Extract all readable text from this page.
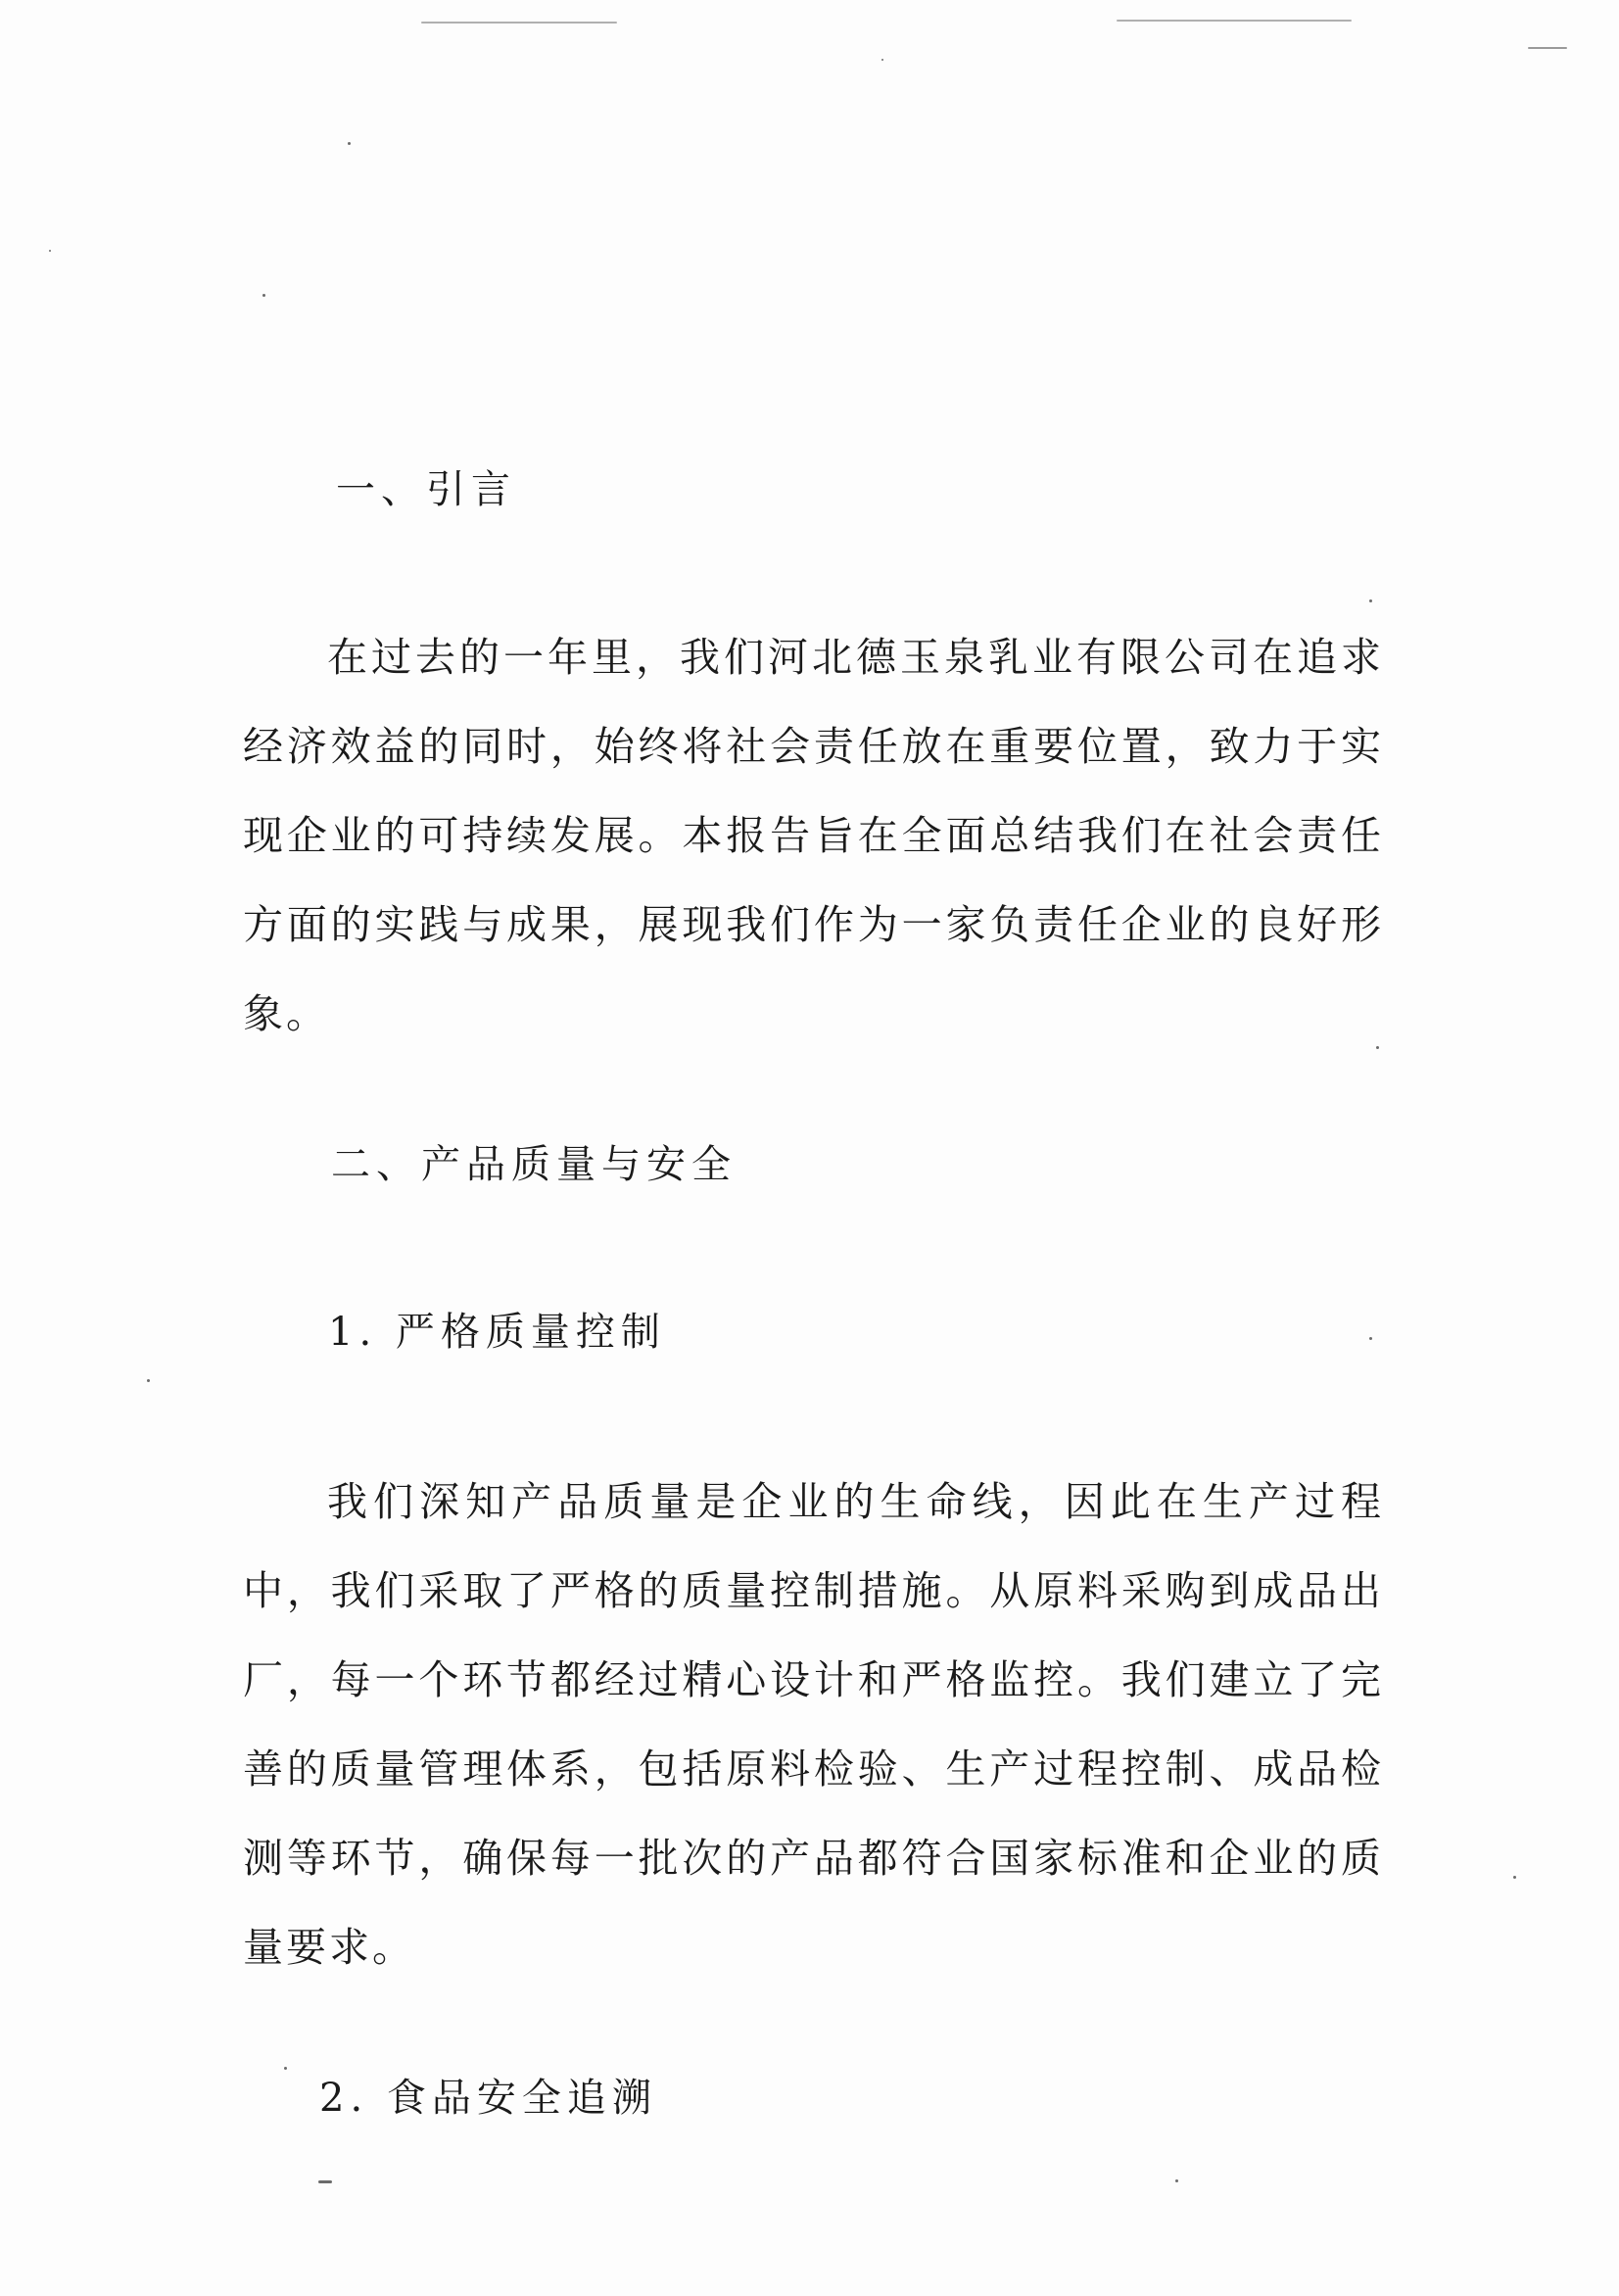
一、引言

在过去的一年里，我们河北德玉泉乳业有限公司在追求经济效益的同时，始终将社会责任放在重要位置，致力于实现企业的可持续发展。本报告旨在全面总结我们在社会责任方面的实践与成果，展现我们作为一家负责任企业的良好形象。

二、产品质量与安全
1. 严格质量控制

我们深知产品质量是企业的生命线，因此在生产过程中，我们采取了严格的质量控制措施。从原料采购到成品出厂，每一个环节都经过精心设计和严格监控。我们建立了完善的质量管理体系，包括原料检验、生产过程控制、成品检测等环节，确保每一批次的产品都符合国家标准和企业的质量要求。

2. 食品安全追溯
